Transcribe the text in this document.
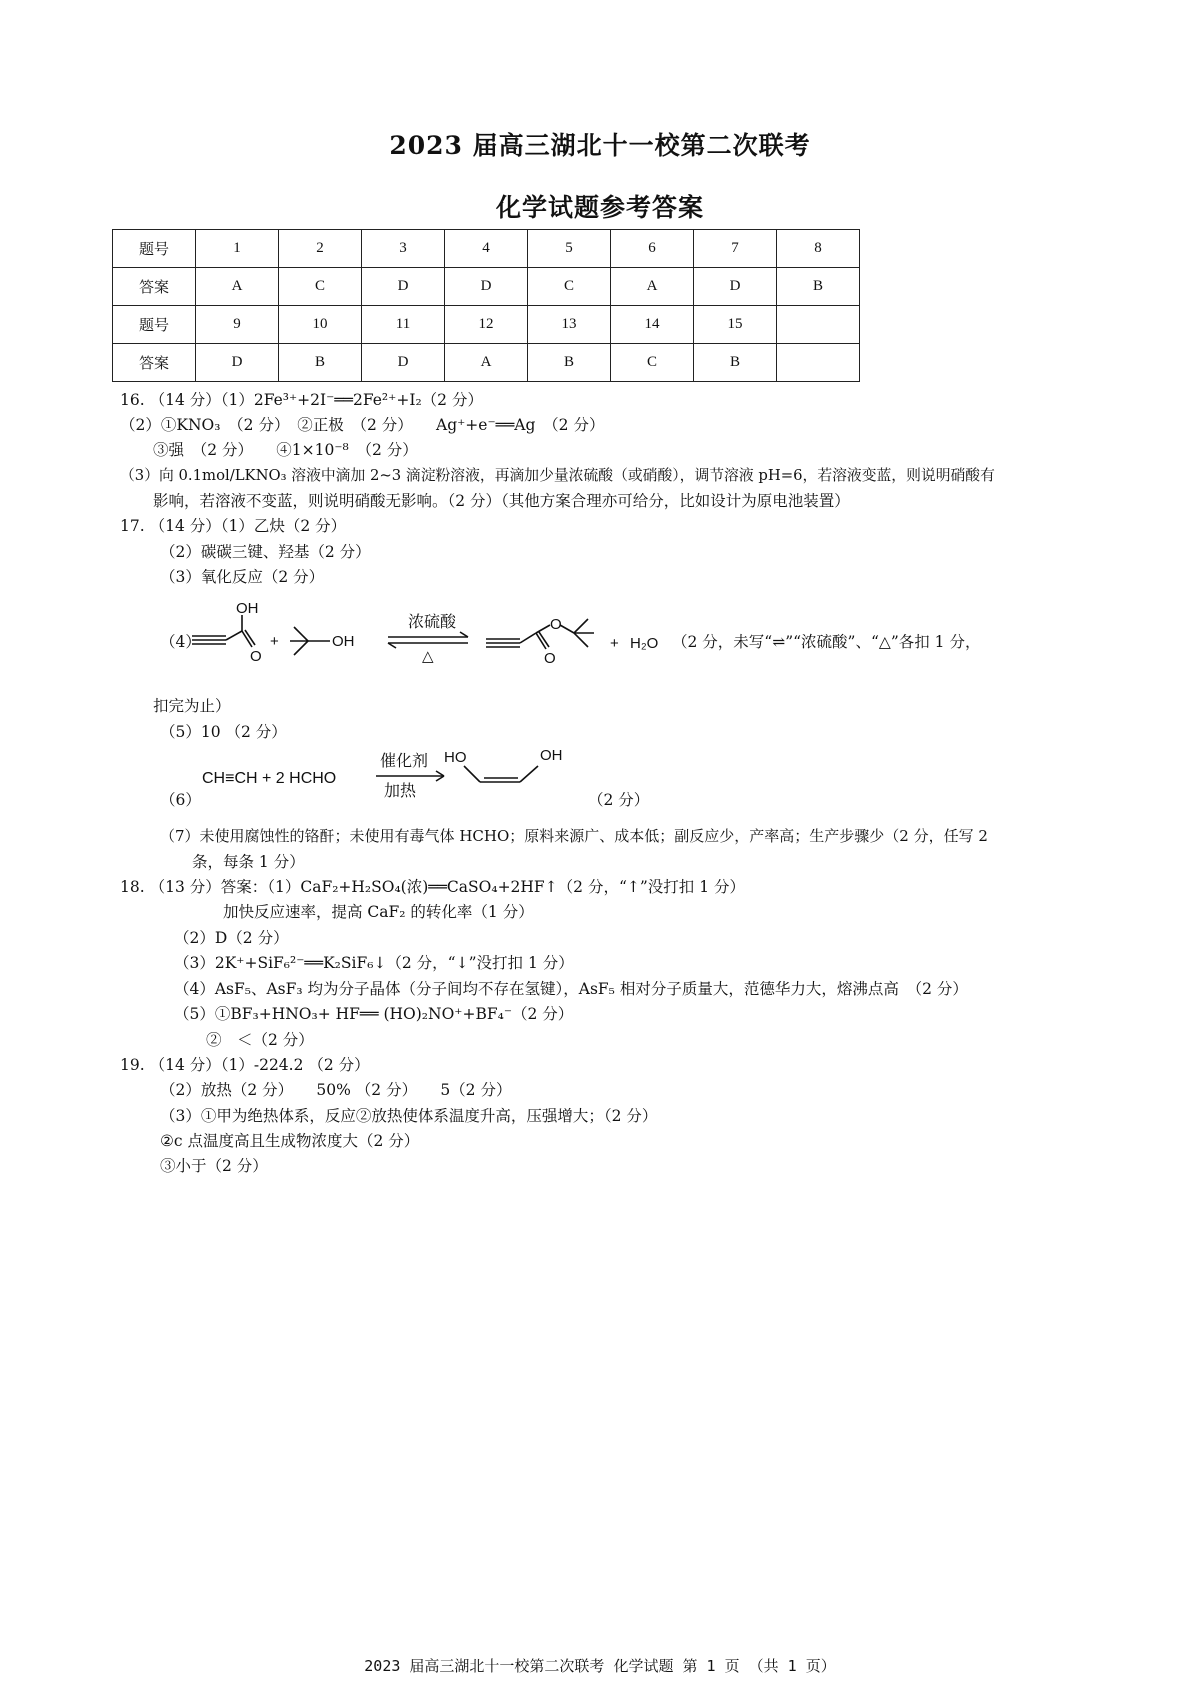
2023 届高三湖北十一校第二次联考
化学试题参考答案
题号	1	2	3	4	5	6	7	8
答案	A	C	D	D	C	A	D	B
题号	9	10	11	12	13	14	15	
答案	D	B	D	A	B	C	B	
16. （14 分）（1）2Fe³⁺+2I⁻══2Fe²⁺+I₂（2 分）
（2）①KNO₃　（2 分）　②正极　（2 分）　　Ag⁺+e⁻══Ag　（2 分）
③强　（2 分）　　④1×10⁻⁸　（2 分）
（3）向 0.1mol/LKNO₃ 溶液中滴加 2~3 滴淀粉溶液，再滴加少量浓硫酸（或硝酸），调节溶液 pH=6，若溶液变蓝，则说明硝酸有
影响，若溶液不变蓝，则说明硝酸无影响。（2 分）（其他方案合理亦可给分，比如设计为原电池装置）
17. （14 分）（1）乙炔（2 分）
（2）碳碳三键、羟基（2 分）
（3）氧化反应（2 分）
（4）
OH
O
+	OH
浓硫酸
△
O
O
+ H₂O （2 分，未写“⇌”“浓硫酸”、“△”各扣 1 分，
扣完为止）
（5）10 （2 分）
（6）
CH≡CH + 2 HCHO
催化剂
加热
HO	OH
（2 分）
（7）未使用腐蚀性的铬酐；未使用有毒气体 HCHO；原料来源广、成本低；副反应少，产率高；生产步骤少（2 分，任写 2
条，每条 1 分）
18. （13 分）答案：（1）CaF₂+H₂SO₄(浓)══CaSO₄+2HF↑（2 分，“↑”没打扣 1 分）
加快反应速率，提高 CaF₂ 的转化率（1 分）
（2）D（2 分）
（3）2K⁺+SiF₆²⁻══K₂SiF₆↓（2 分，“↓”没打扣 1 分）
（4）AsF₅、AsF₃ 均为分子晶体（分子间均不存在氢键），AsF₅ 相对分子质量大，范德华力大，熔沸点高　（2 分）
（5）①BF₃+HNO₃+ HF══ (HO)₂NO⁺+BF₄⁻（2 分）
②　＜（2 分）
19. （14 分）（1）-224.2 （2 分）
（2）放热（2 分）　　50% （2 分）　　5（2 分）
（3）①甲为绝热体系，反应②放热使体系温度升高，压强增大；（2 分）
②c 点温度高且生成物浓度大（2 分）
③小于（2 分）
2023 届高三湖北十一校第二次联考 化学试题 第 1 页 （共 1 页）
